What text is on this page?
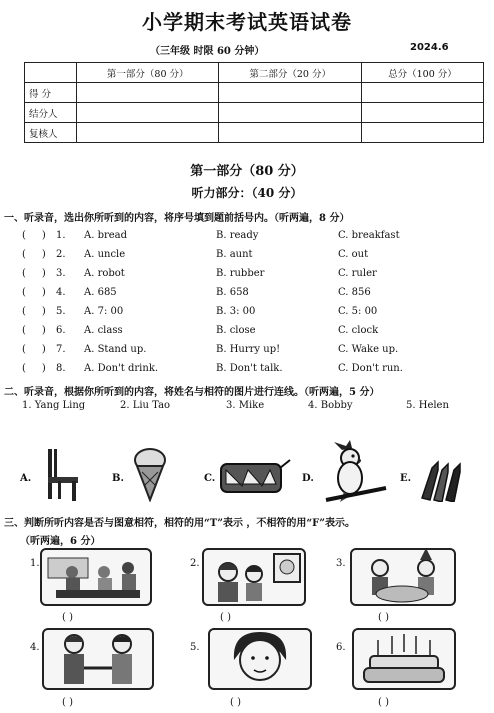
小学期末考试英语试卷
（三年级 时限 60 分钟）	2024.6
	第一部分（80 分）	第二部分（20 分）	总分（100 分）
得 分			
结分人			
复核人			
第一部分（80 分）
听力部分：（40 分）
一、听录音，选出你所听到的内容，将序号填到题前括号内。（听两遍，8 分）
( ) 1. A. bread	B. ready	C. breakfast
( ) 2. A. uncle	B. aunt	C. out
( ) 3. A. robot	B. rubber	C. ruler
( ) 4. A. 685	B. 658	C. 856
( ) 5. A. 7: 00	B. 3: 00	C. 5: 00
( ) 6. A. class	B. close	C. clock
( ) 7. A. Stand up.	B. Hurry up!	C. Wake up.
( ) 8. A. Don't drink.	B. Don't talk.	C. Don't run.
二、听录音，根据你所听到的内容，将姓名与相符的图片进行连线。（听两遍，5 分）
1. Yang Ling	2. Liu Tao	3. Mike	4. Bobby	5. Helen
A.	B.	C.	D.	E.
三、判断所听内容是否与图意相符，相符的用“T”表示 ，不相符的用“F”表示。
（听两遍，6 分）
1.	2.	3.
( )	( )	( )
4.	5.	6.
( )	( )	( )
